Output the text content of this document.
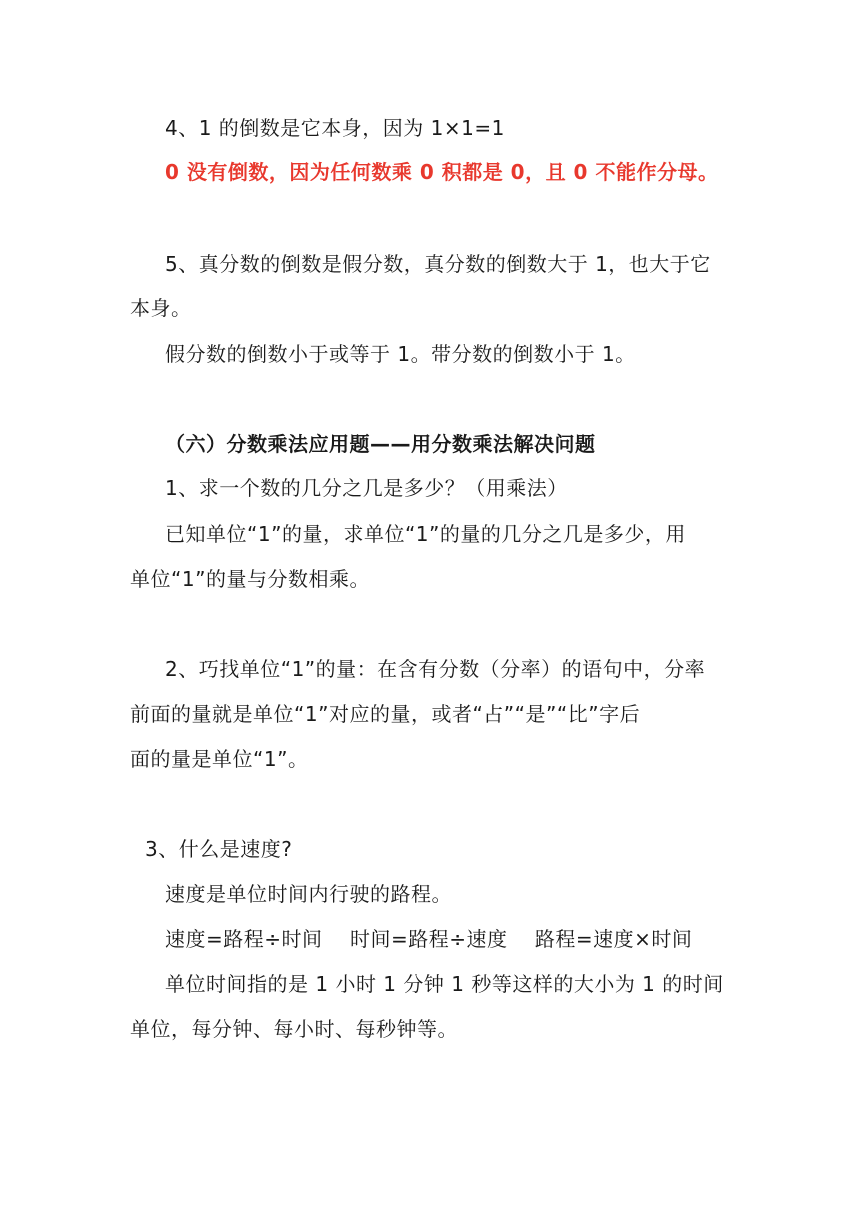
4、1 的倒数是它本身，因为 1×1=1
0 没有倒数，因为任何数乘 0 积都是 0，且 0 不能作分母。
5、真分数的倒数是假分数，真分数的倒数大于 1，也大于它
本身。
假分数的倒数小于或等于 1。带分数的倒数小于 1。
（六）分数乘法应用题——用分数乘法解决问题
1、求一个数的几分之几是多少？（用乘法）
已知单位“1”的量，求单位“1”的量的几分之几是多少，用
单位“1”的量与分数相乘。
2、巧找单位“1”的量：在含有分数（分率）的语句中，分率
前面的量就是单位“1”对应的量，或者“占”“是”“比”字后
面的量是单位“1”。
3、什么是速度?
速度是单位时间内行驶的路程。
速度=路程÷时间    时间=路程÷速度    路程=速度×时间
单位时间指的是 1 小时 1 分钟 1 秒等这样的大小为 1 的时间
单位，每分钟、每小时、每秒钟等。
